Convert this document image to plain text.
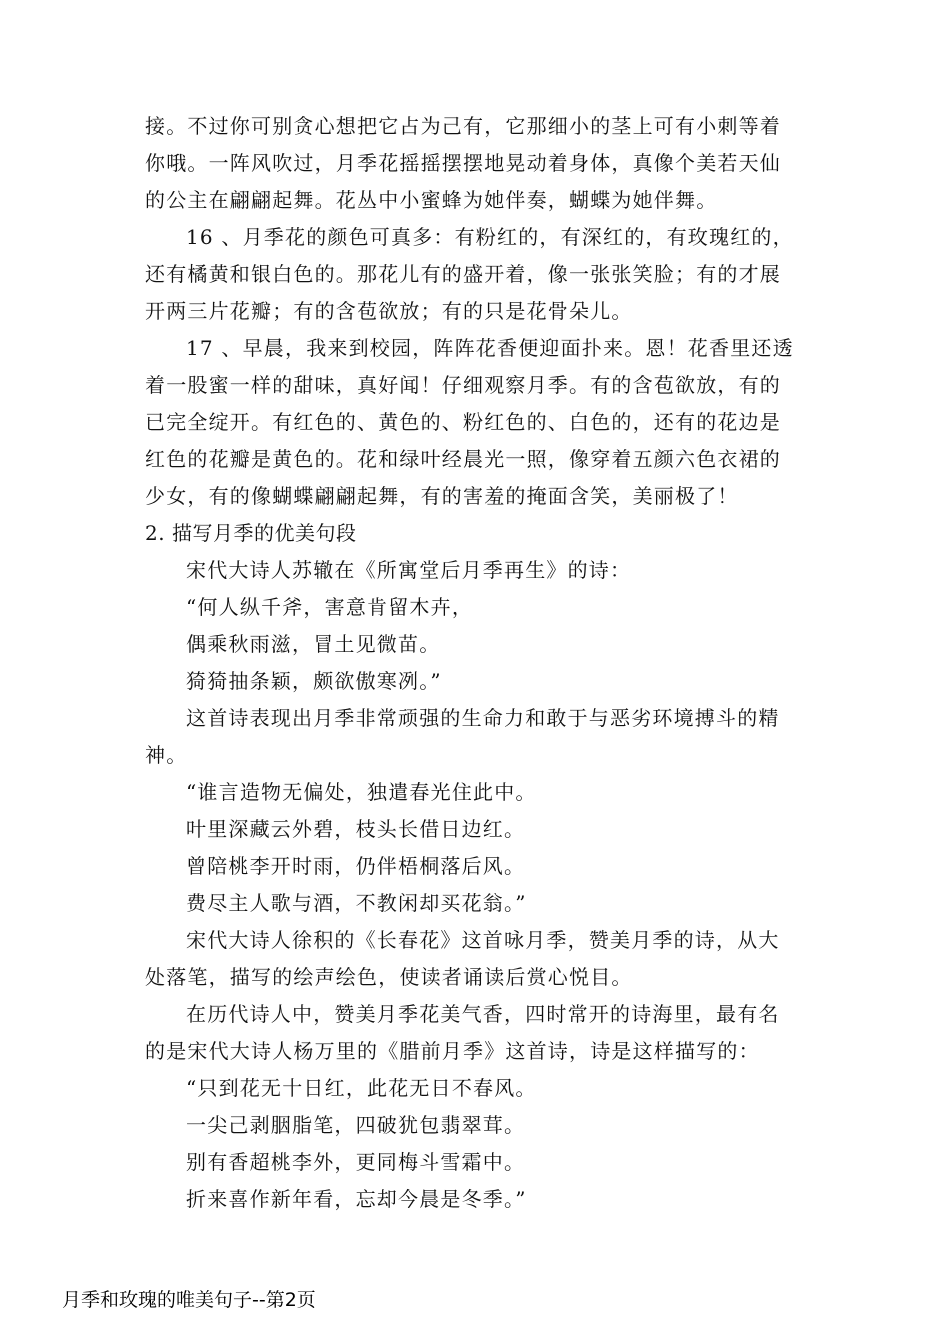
接。不过你可别贪心想把它占为己有，它那细小的茎上可有小刺等着
你哦。一阵风吹过，月季花摇摇摆摆地晃动着身体，真像个美若天仙
的公主在翩翩起舞。花丛中小蜜蜂为她伴奏，蝴蝶为她伴舞。
16 、月季花的颜色可真多：有粉红的，有深红的，有玫瑰红的，
还有橘黄和银白色的。那花儿有的盛开着，像一张张笑脸；有的才展
开两三片花瓣；有的含苞欲放；有的只是花骨朵儿。
17 、早晨，我来到校园，阵阵花香便迎面扑来。恩！花香里还透
着一股蜜一样的甜味，真好闻！仔细观察月季。有的含苞欲放，有的
已完全绽开。有红色的、黄色的、粉红色的、白色的，还有的花边是
红色的花瓣是黄色的。花和绿叶经晨光一照，像穿着五颜六色衣裙的
少女，有的像蝴蝶翩翩起舞，有的害羞的掩面含笑，美丽极了！
2. 描写月季的优美句段
宋代大诗人苏辙在《所寓堂后月季再生》的诗：
“何人纵千斧，害意肯留木卉，
偶乘秋雨滋，冒土见微苗。
猗猗抽条颖，颇欲傲寒冽。”
这首诗表现出月季非常顽强的生命力和敢于与恶劣环境搏斗的精
神。
“谁言造物无偏处，独遣春光住此中。
叶里深藏云外碧，枝头长借日边红。
曾陪桃李开时雨，仍伴梧桐落后风。
费尽主人歌与酒，不教闲却买花翁。”
宋代大诗人徐积的《长春花》这首咏月季，赞美月季的诗，从大
处落笔，描写的绘声绘色，使读者诵读后赏心悦目。
在历代诗人中，赞美月季花美气香，四时常开的诗海里，最有名
的是宋代大诗人杨万里的《腊前月季》这首诗，诗是这样描写的：
“只到花无十日红，此花无日不春风。
一尖己剥胭脂笔，四破犹包翡翠茸。
别有香超桃李外，更同梅斗雪霜中。
折来喜作新年看，忘却今晨是冬季。”
月季和玫瑰的唯美句子--第2页
